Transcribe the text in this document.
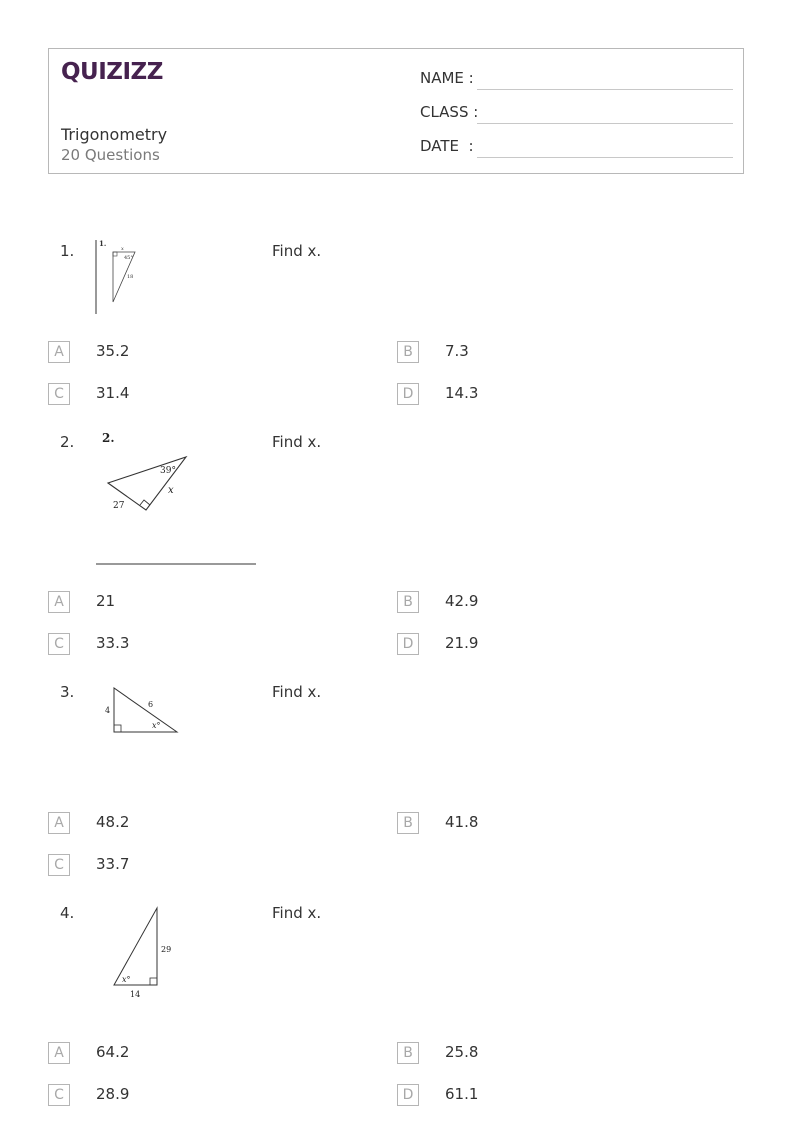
QUIZIZZ
Trigonometry
20 Questions
NAME :
CLASS :
DATE  :
1.	1.
x
45°
18
Find x.
A	35.2	B	7.3
C	31.4	D	14.3
2. 2.
39°
x
27
Find x.
A	21	B	42.9
C	33.3	D	21.9
3.
4
6
x°
Find x.
A	48.2	B	41.8
C	33.7
4.
29
x°
14
Find x.
A	64.2	B	25.8
C	28.9	D	61.1
